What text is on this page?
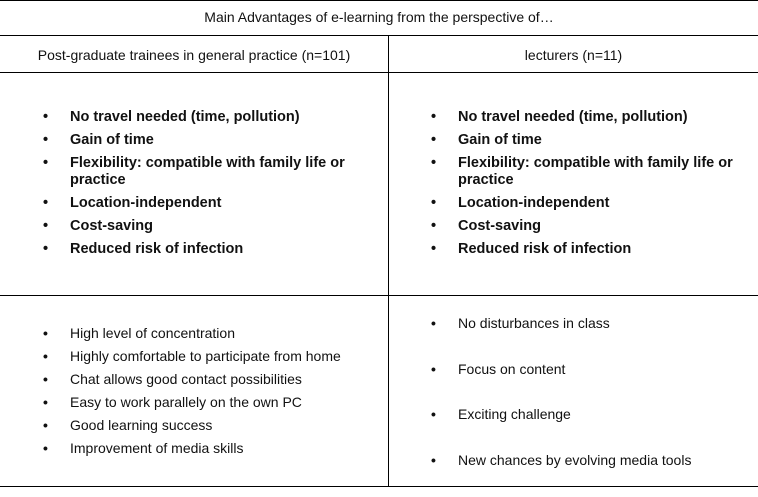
Main Advantages of e-learning from the perspective of…
Post-graduate trainees in general practice (n=101)	lecturers (n=11)
• No travel needed (time, pollution)
• Gain of time
• Flexibility: compatible with family life or practice
• Location-independent
• Cost-saving
• Reduced risk of infection
• No travel needed (time, pollution)
• Gain of time
• Flexibility: compatible with family life or practice
• Location-independent
• Cost-saving
• Reduced risk of infection
• High level of concentration
• Highly comfortable to participate from home
• Chat allows good contact possibilities
• Easy to work parallely on the own PC
• Good learning success
• Improvement of media skills
• No disturbances in class
• Focus on content
• Exciting challenge
• New chances by evolving media tools
